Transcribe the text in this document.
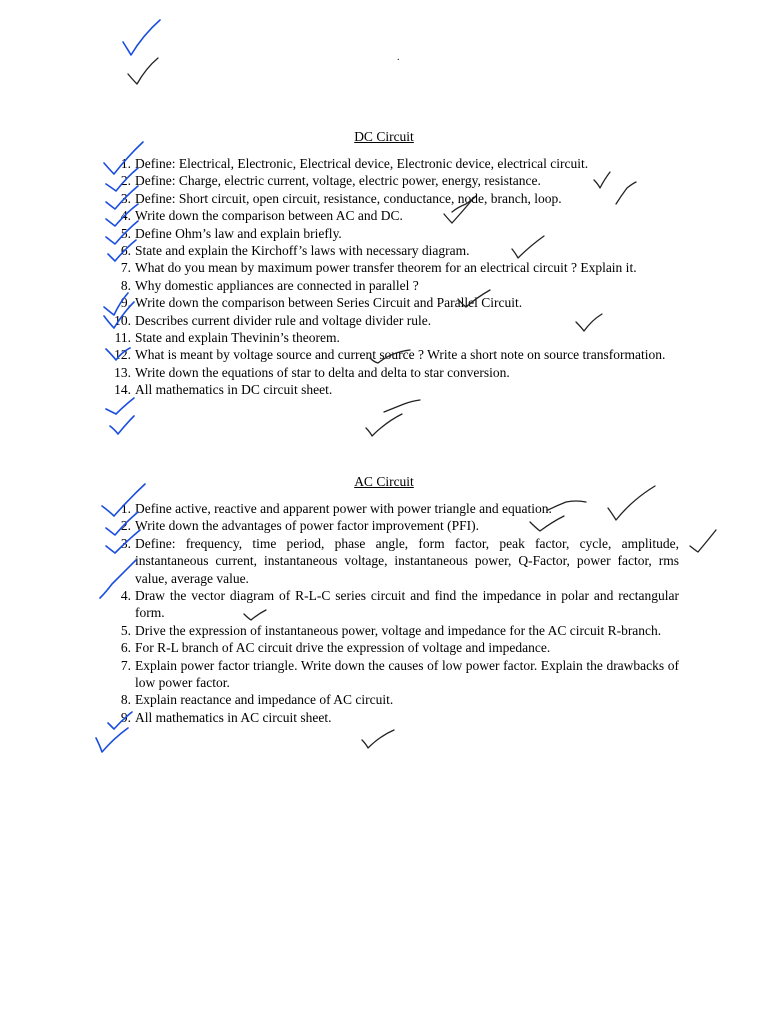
.
DC Circuit
1. Define: Electrical, Electronic, Electrical device, Electronic device, electrical circuit.
2. Define: Charge, electric current, voltage, electric power, energy, resistance.
3. Define: Short circuit, open circuit, resistance, conductance, node, branch, loop.
4. Write down the comparison between AC and DC.
5. Define Ohm’s law and explain briefly.
6. State and explain the Kirchoff’s laws with necessary diagram.
7. What do you mean by maximum power transfer theorem for an electrical circuit ? Explain it.
8. Why domestic appliances are connected in parallel ?
9. Write down the comparison between Series Circuit and Parallel Circuit.
10. Describes current divider rule and voltage divider rule.
11. State and explain Thevinin’s theorem.
12. What is meant by voltage source and current source ? Write a short note on source transformation.
13. Write down the equations of star to delta and delta to star conversion.
14. All mathematics in DC circuit sheet.
AC Circuit
1. Define active, reactive and apparent power with power triangle and equation.
2. Write down the advantages of power factor improvement (PFI).
3. Define: frequency, time period, phase angle, form factor, peak factor, cycle, amplitude, instantaneous current, instantaneous voltage, instantaneous power, Q-Factor, power factor, rms value, average value.
4. Draw the vector diagram of R-L-C series circuit and find the impedance in polar and rectangular form.
5. Drive the expression of instantaneous power, voltage and impedance for the AC circuit R-branch.
6. For R-L branch of AC circuit drive the expression of voltage and impedance.
7. Explain power factor triangle. Write down the causes of low power factor. Explain the drawbacks of low power factor.
8. Explain reactance and impedance of AC circuit.
9. All mathematics in AC circuit sheet.
